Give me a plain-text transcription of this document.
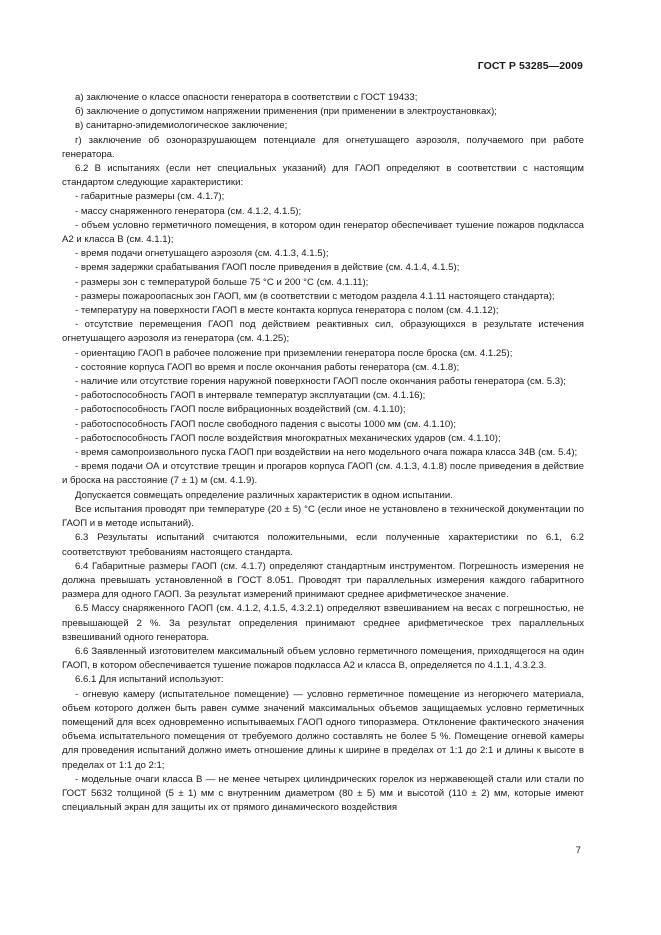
ГОСТ Р 53285—2009

а) заключение о классе опасности генератора в соответствии с ГОСТ 19433;

б) заключение о допустимом напряжении применения (при применении в электроустановках);

в) санитарно-эпидемиологическое заключение;

г) заключение об озоноразрушающем потенциале для огнетушащего аэрозоля, получаемого при работе генератора.

6.2 В испытаниях (если нет специальных указаний) для ГАОП определяют в соответствии с настоящим стандартом следующие характеристики:

- габаритные размеры (см. 4.1.7);

- массу снаряженного генератора (см. 4.1.2, 4.1.5);

- объем условно герметичного помещения, в котором один генератор обеспечивает тушение пожаров подкласса А2 и класса В (см. 4.1.1);

- время подачи огнетушащего аэрозоля (см. 4.1.3, 4.1.5);

- время задержки срабатывания ГАОП после приведения в действие (см. 4.1.4, 4.1.5);

- размеры зон с температурой больше 75 °С и 200 °С (см. 4.1.11);

- размеры пожароопасных зон ГАОП, мм (в соответствии с методом раздела 4.1.11 настоящего стандарта);

- температуру на поверхности ГАОП в месте контакта корпуса генератора с полом (см. 4.1.12);

- отсутствие перемещения ГАОП под действием реактивных сил, образующихся в результате истечения огнетушащего аэрозоля из генератора (см. 4.1.25);

- ориентацию ГАОП в рабочее положение при приземлении генератора после броска (см. 4.1.25);

- состояние корпуса ГАОП во время и после окончания работы генератора (см. 4.1.8);

- наличие или отсутствие горения наружной поверхности ГАОП после окончания работы генератора (см. 5.3);

- работоспособность ГАОП в интервале температур эксплуатации (см. 4.1.16);

- работоспособность ГАОП после вибрационных воздействий (см. 4.1.10);

- работоспособность ГАОП после свободного падения с высоты 1000 мм (см. 4.1.10);

- работоспособность ГАОП после воздействия многократных механических ударов (см. 4.1.10);

- время самопроизвольного пуска ГАОП при воздействии на него модельного очага пожара класса 34В (см. 5.4);

- время подачи ОА и отсутствие трещин и прогаров корпуса ГАОП (см. 4.1.3, 4.1.8) после приведения в действие и броска на расстояние (7 ± 1) м (см. 4.1.9).

Допускается совмещать определение различных характеристик в одном испытании.

Все испытания проводят при температуре (20 ± 5) °С (если иное не установлено в технической документации по ГАОП и в методе испытаний).

6.3 Результаты испытаний считаются положительными, если полученные характеристики по 6.1, 6.2 соответствуют требованиям настоящего стандарта.

6.4 Габаритные размеры ГАОП (см. 4.1.7) определяют стандартным инструментом. Погрешность измерения не должна превышать установленной в ГОСТ 8.051. Проводят три параллельных измерения каждого габаритного размера для одного ГАОП. За результат измерений принимают среднее арифметическое значение.

6.5 Массу снаряженного ГАОП (см. 4.1.2, 4.1.5, 4.3.2.1) определяют взвешиванием на весах с погрешностью, не превышающей 2 %. За результат определения принимают среднее арифметическое трех параллельных взвешиваний одного генератора.

6.6 Заявленный изготовителем максимальный объем условно герметичного помещения, приходящегося на один ГАОП, в котором обеспечивается тушение пожаров подкласса А2 и класса В, определяется по 4.1.1, 4.3.2.3.

6.6.1 Для испытаний используют:

- огневую камеру (испытательное помещение) — условно герметичное помещение из негорючего материала, объем которого должен быть равен сумме значений максимальных объемов защищаемых условно герметичных помещений для всех одновременно испытываемых ГАОП одного типоразмера. Отклонение фактического значения объема испытательного помещения от требуемого должно составлять не более 5 %. Помещение огневой камеры для проведения испытаний должно иметь отношение длины к ширине в пределах от 1:1 до 2:1 и длины к высоте в пределах от 1:1 до 2:1;

- модельные очаги класса В — не менее четырех цилиндрических горелок из нержавеющей стали или стали по ГОСТ 5632 толщиной (5 ± 1) мм с внутренним диаметром (80 ± 5) мм и высотой (110 ± 2) мм, которые имеют специальный экран для защиты их от прямого динамического воздействия

7
